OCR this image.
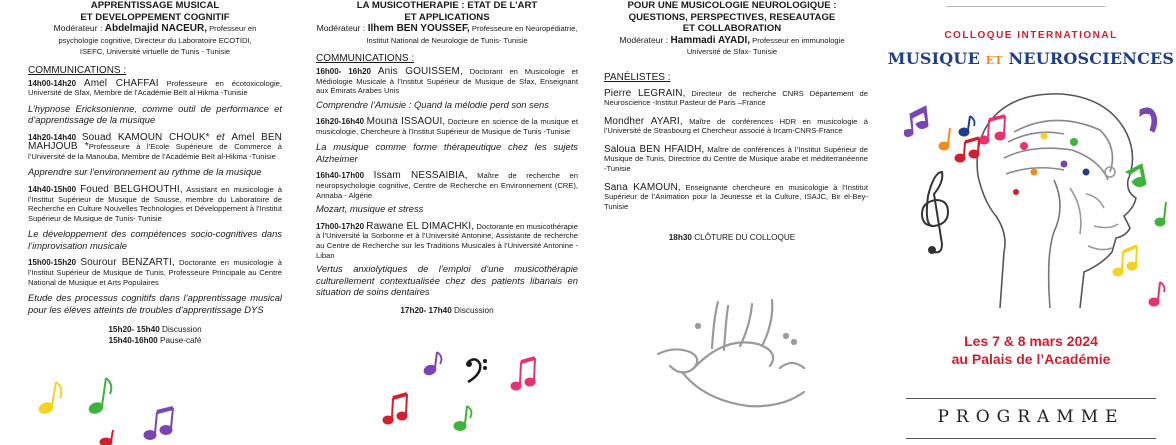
APPRENTISSAGE MUSICAL
ET DEVELOPPEMENT COGNITIF
Modérateur : Abdelmajid NACEUR, Professeur en
psychologie cognitive, Directeur du Laboratoire ECOTIDI,
ISEFC, Université virtuelle de Tunis - Tunisie
COMMUNICATIONS :
14h00-14h20 Amel CHAFFAI Professeure en écotoxicologie, Université de Sfax, Membre de l’Académie Beït al Hikma -Tunisie
L’hypnose Ericksonienne, comme outil de performance et d’apprentissage de la musique
14h20-14h40 Souad KAMOUN CHOUK* et Amel BEN MAHJOUB *Professeure à l’Ecole Supérieure de Commerce à l’Université de la Manouba, Membre de l’Académie Beït al-Hikma -Tunisie
Apprendre sur l’environnement au rythme de la musique
14h40-15h00 Foued BELGHOUTHI, Assistant en musicologie à l’Institut Supérieur de Musique de Sousse, membre du Laboratoire de Recherche en Culture Nouvelles Technologies et Développement à l’Institut Supérieur de Musique de Tunis- Tunisie
Le développement des compétences socio-cognitives dans l’improvisation musicale
15h00-15h20 Sourour BENZARTI, Doctorante en musicologie à l’Institut Supérieur de Musique de Tunis, Professeure Principale au Centre National de Musique et Arts Populaires
Etude des processus cognitifs dans l’apprentissage musical pour les élèves atteints de troubles d’apprentissage DYS
15h20- 15h40 Discussion
15h40-16h00 Pause-café
LA MUSICOTHERAPIE : ETAT DE L’ART
ET APPLICATIONS
Modérateur : Ilhem BEN YOUSSEF, Professeure en Neuropédiatrie,
Institut National de Neurologie de Tunis- Tunisie
COMMUNICATIONS :
16h00- 16h20 Anis GOUISSEM, Doctorant en Musicologie et Médiologie Musicale à l’Institut Supérieur de Musique de Sfax, Enseignant aux Émirats Arabes Unis
Comprendre l’Amusie : Quand la mélodie perd son sens
16h20-16h40 Mouna ISSAOUI, Docteure en science de la musique et musicologie, Chercheure à l’Institut Supérieur de Musique de Tunis -Tunisie
La musique comme forme thérapeutique chez les sujets Alzheimer
16h40-17h00 Issam NESSAIBIA, Maître de recherche en neuropsychologie cognitive, Centre de Recherche en Environnement (CRE), Annaba - Algérie
Mozart, musique et stress
17h00-17h20 Rawane EL DIMACHKI, Doctorante en musicothérapie à l’Université la Sorbonne et à l’Université Antonine, Assistante de recherche au Centre de Recherche sur les Traditions Musicales à l’Université Antonine - Liban
Vertus anxiolytiques de l’emploi d’une musicothérapie culturellement contextualisée chez des patients libanais en situation de soins dentaires
17h20- 17h40 Discussion
POUR UNE MUSICOLOGIE NEUROLOGIQUE :
QUESTIONS, PERSPECTIVES, RESEAUTAGE
ET COLLABORATION
Modérateur : Hammadi AYADI, Professeur en immunologie
Université de Sfax- Tunisie
PANÉLISTES :
Pierre LEGRAIN, Directeur de recherche CNRS Département de Neuroscience -Institut Pasteur de Paris –France
Mondher AYARI, Maître de conférences HDR en musicologie à l’Université de Strasbourg et Chercheur associé à Ircam-CNRS-France
Saloua BEN HFAIDH, Maître de conférences à l’Institut Supérieur de Musique de Tunis, Directrice du Centre de Musique arabe et méditerranéenne -Tunisie
Sana KAMOUN, Enseignante chercheure en musicologie à l’Institut Supérieur de l’Animation pour la Jeunesse et la Culture, ISAJC, Bir el-Bey- Tunisie
18h30 CLÔTURE DU COLLOQUE
COLLOQUE INTERNATIONAL
MUSIQUE ET NEUROSCIENCES
Les 7 & 8 mars 2024
au Palais de l’Académie
PROGRAMME
